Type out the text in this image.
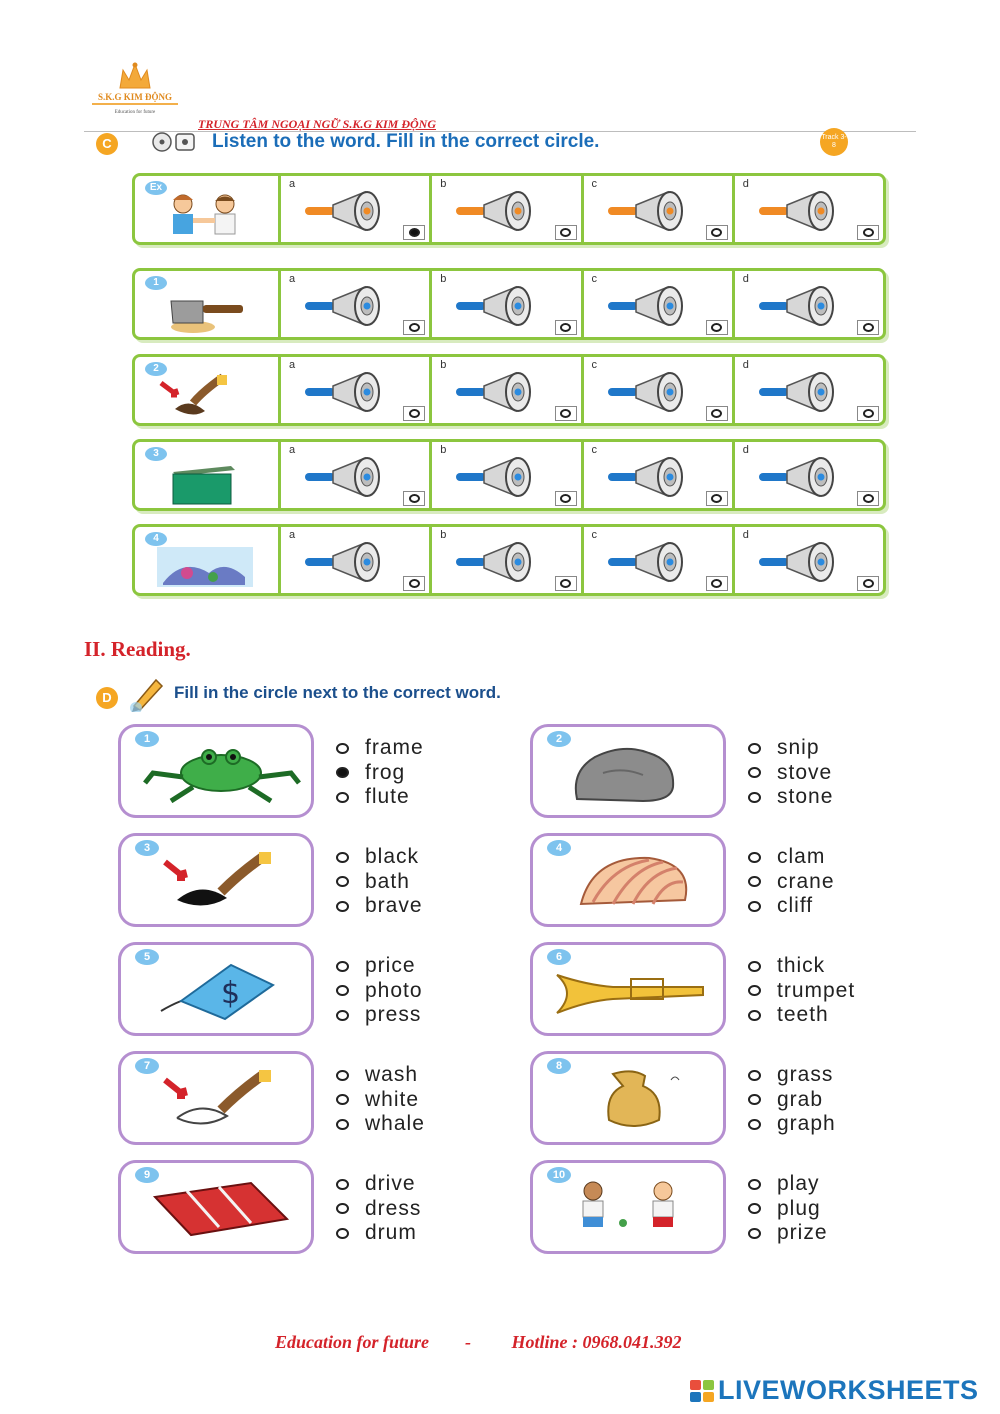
S.K.G KIM ĐỘNG
Education for future
TRUNG TÂM NGOẠI NGỮ S.K.G KIM ĐỘNG
C	Listen to the word. Fill in the correct circle.	Track 3-8
Ex	a	b	c	d
1	a	b	c	d
2	a	b	c	d
3	a	b	c	d
4	a	b	c	d
II. Reading.
D	Fill in the circle next to the correct word.
1	frame
frog
flute
2	snip
stove
stone
3	black
bath
brave
4	clam
crane
cliff
$
5	price
photo
press
6	thick
trumpet
teeth
7	wash
white
whale
8	grass
grab
graph
9	drive
dress
drum
10	play
plug
prize
Education for future        -         Hotline : 0968.041.392
LIVEWORKSHEETS
